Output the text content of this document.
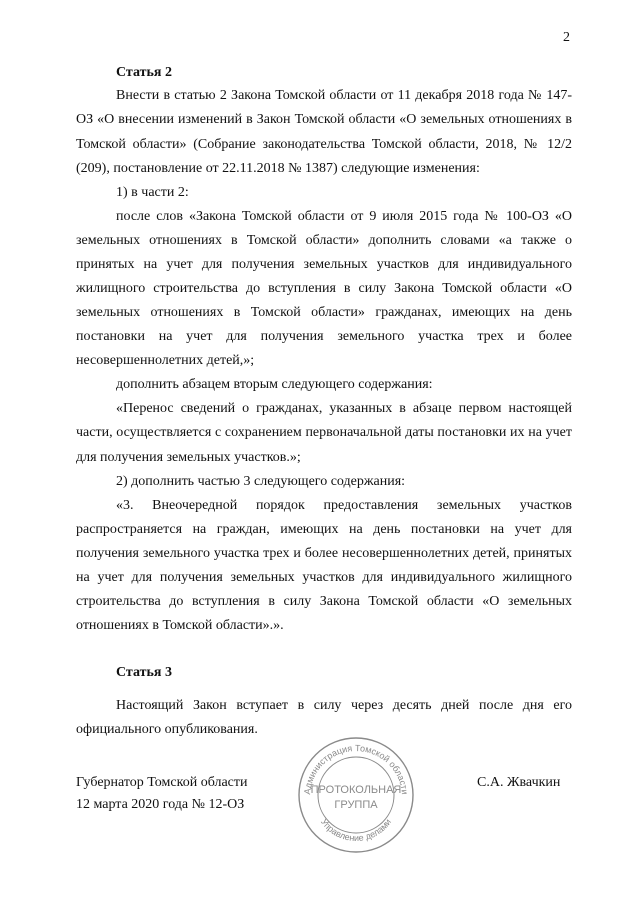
2

Статья 2

Внести в статью 2 Закона Томской области от 11 декабря 2018 года № 147-ОЗ «О внесении изменений в Закон Томской области «О земельных отношениях в Томской области» (Собрание законодательства Томской области, 2018, № 12/2 (209), постановление от 22.11.2018 № 1387) следующие изменения:

1) в части 2:

после слов «Закона Томской области от 9 июля 2015 года № 100-ОЗ «О земельных отношениях в Томской области» дополнить словами «а также о принятых на учет для получения земельных участков для индивидуального жилищного строительства до вступления в силу Закона Томской области «О земельных отношениях в Томской области» гражданах, имеющих на день постановки на учет для получения земельного участка трех и более несовершеннолетних детей,»;

дополнить абзацем вторым следующего содержания:

«Перенос сведений о гражданах, указанных в абзаце первом настоящей части, осуществляется с сохранением первоначальной даты постановки их на учет для получения земельных участков.»;

2) дополнить частью 3 следующего содержания:

«3. Внеочередной порядок предоставления земельных участков распространяется на граждан, имеющих на день постановки на учет для получения земельного участка трех и более несовершеннолетних детей, принятых на учет для получения земельных участков для индивидуального жилищного строительства до вступления в силу Закона Томской области «О земельных отношениях в Томской области».».

Статья 3

Настоящий Закон вступает в силу через десять дней после дня его официального опубликования.

Губернатор Томской области
12 марта 2020 года № 12-ОЗ
С.А. Жвачкин
Администрация Томской области
Управление делами
ПРОТОКОЛЬНАЯ
ГРУППА
